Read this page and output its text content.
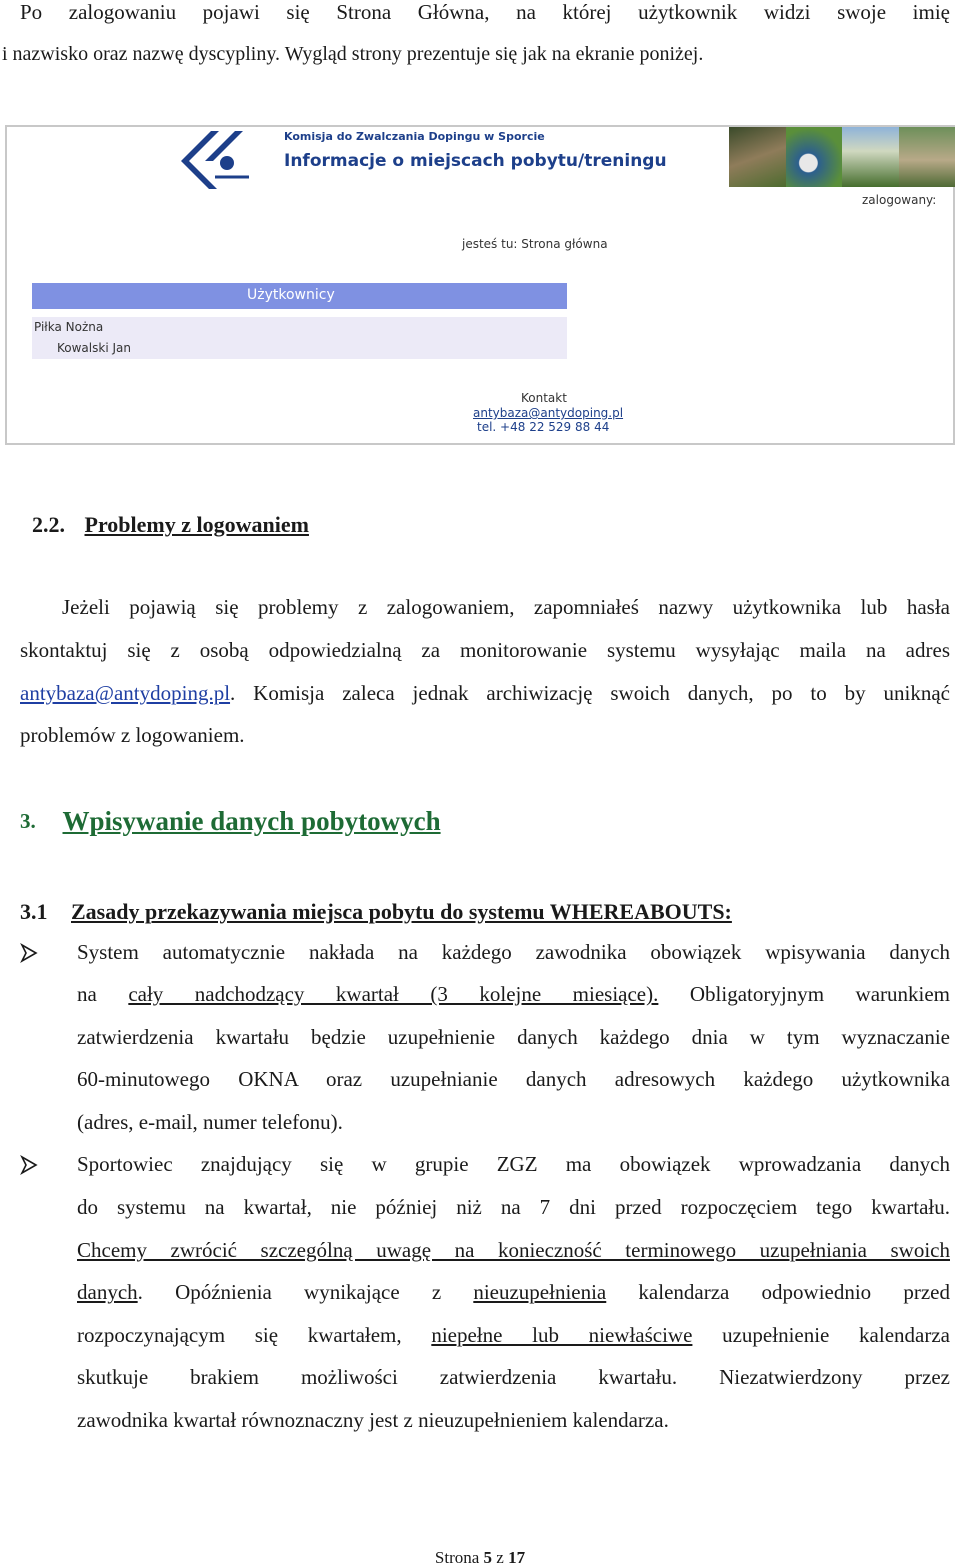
Po zalogowaniu pojawi się Strona Główna, na której użytkownik widzi swoje imię
i nazwisko oraz nazwę dyscypliny. Wygląd strony prezentuje się jak na ekranie poniżej.
Komisja do Zwalczania Dopingu w Sporcie
Informacje o miejscach pobytu/treningu
zalogowany:
jesteś tu: Strona główna
Użytkownicy
Piłka Nożna
Kowalski Jan
Kontakt
antybaza@antydoping.pl
tel. +48 22 529 88 44
2.2. Problemy z logowaniem
Jeżeli pojawią się problemy z zalogowaniem, zapomniałeś nazwy użytkownika lub hasła
skontaktuj się z osobą odpowiedzialną za monitorowanie systemu wysyłając maila na adres
antybaza@antydoping.pl. Komisja zaleca jednak archiwizację swoich danych, po to by uniknąć
problemów z logowaniem.
3. Wpisywanie danych pobytowych
3.1 Zasady przekazywania miejsca pobytu do systemu WHEREABOUTS:
System automatycznie nakłada na każdego zawodnika obowiązek wpisywania danych
na cały nadchodzący kwartał (3 kolejne miesiące). Obligatoryjnym warunkiem
zatwierdzenia kwartału będzie uzupełnienie danych każdego dnia w tym wyznaczanie
60-minutowego OKNA oraz uzupełnianie danych adresowych każdego użytkownika
(adres, e-mail, numer telefonu).
Sportowiec znajdujący się w grupie ZGZ ma obowiązek wprowadzania danych
do systemu na kwartał, nie później niż na 7 dni przed rozpoczęciem tego kwartału.
Chcemy zwrócić szczególną uwagę na konieczność terminowego uzupełniania swoich
danych. Opóźnienia wynikające z nieuzupełnienia kalendarza odpowiednio przed
rozpoczynającym się kwartałem, niepełne lub niewłaściwe uzupełnienie kalendarza
skutkuje brakiem możliwości zatwierdzenia kwartału. Niezatwierdzony przez
zawodnika kwartał równoznaczny jest z nieuzupełnieniem kalendarza.
Strona 5 z 17
